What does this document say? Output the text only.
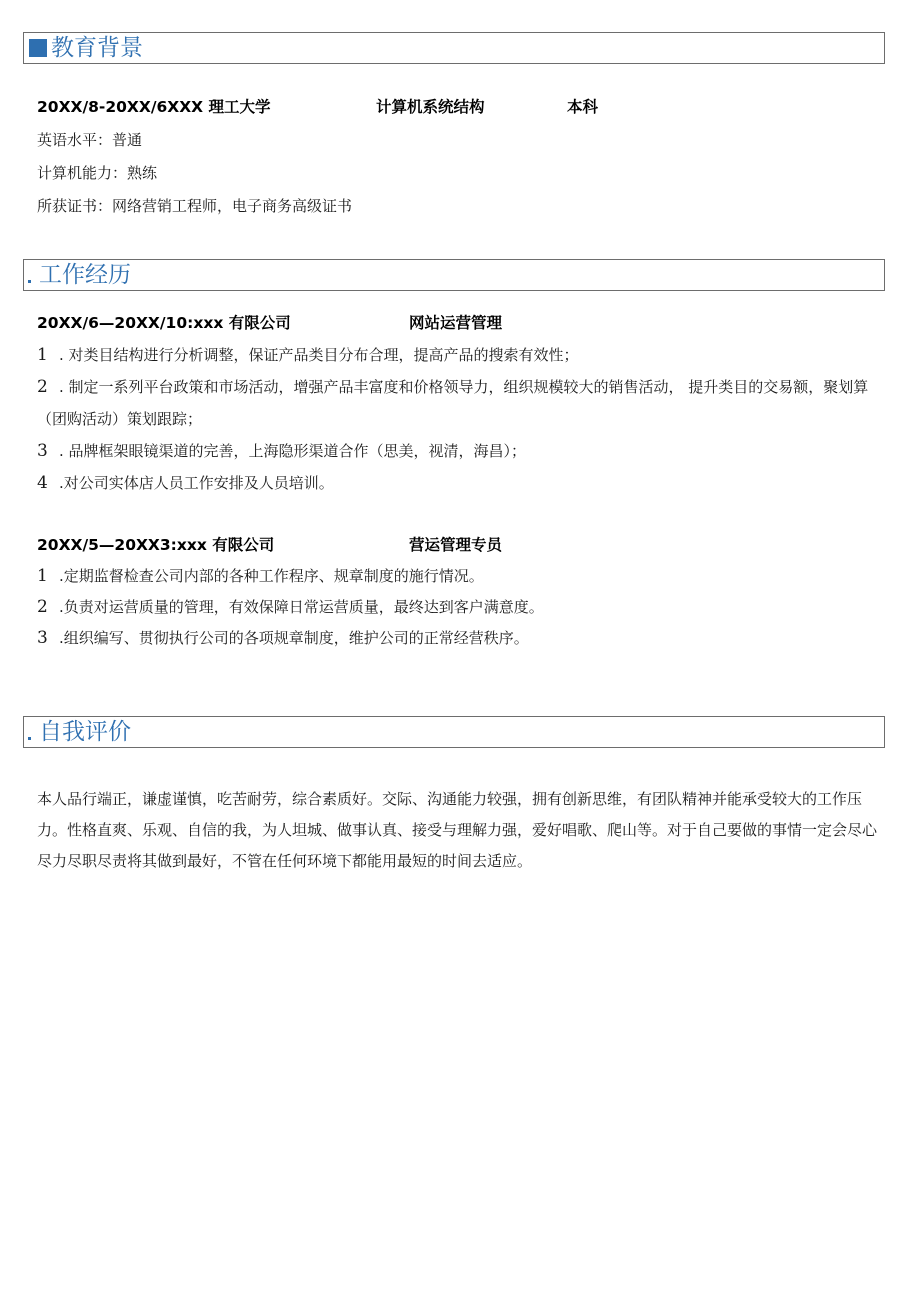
教育背景
20XX/8-20XX/6XXX 理工大学	计算机系统结构	本科
英语水平：普通
计算机能力：熟练
所获证书：网络营销工程师，电子商务高级证书
工作经历
20XX/6—20XX/10:xxx 有限公司	网站运营管理
1 . 对类目结构进行分析调整，保证产品类目分布合理，提高产品的搜索有效性；
2 . 制定一系列平台政策和市场活动，增强产品丰富度和价格领导力，组织规模较大的销售活动， 提升类目的交易额，聚划算（团购活动）策划跟踪；
3 . 品牌框架眼镜渠道的完善，上海隐形渠道合作（思美，视清，海昌）；
4 .对公司实体店人员工作安排及人员培训。
20XX/5—20XX3:xxx 有限公司	营运管理专员
1 .定期监督检查公司内部的各种工作程序、规章制度的施行情况。
2 .负责对运营质量的管理，有效保障日常运营质量，最终达到客户满意度。
3 .组织编写、贯彻执行公司的各项规章制度，维护公司的正常经营秩序。
自我评价
本人品行端正，谦虚谨慎，吃苦耐劳，综合素质好。交际、沟通能力较强，拥有创新思维，有团队精神并能承受较大的工作压力。性格直爽、乐观、自信的我，为人坦城、做事认真、接受与理解力强，爱好唱歌、爬山等。对于自己要做的事情一定会尽心尽力尽职尽责将其做到最好，不管在任何环境下都能用最短的时间去适应。
